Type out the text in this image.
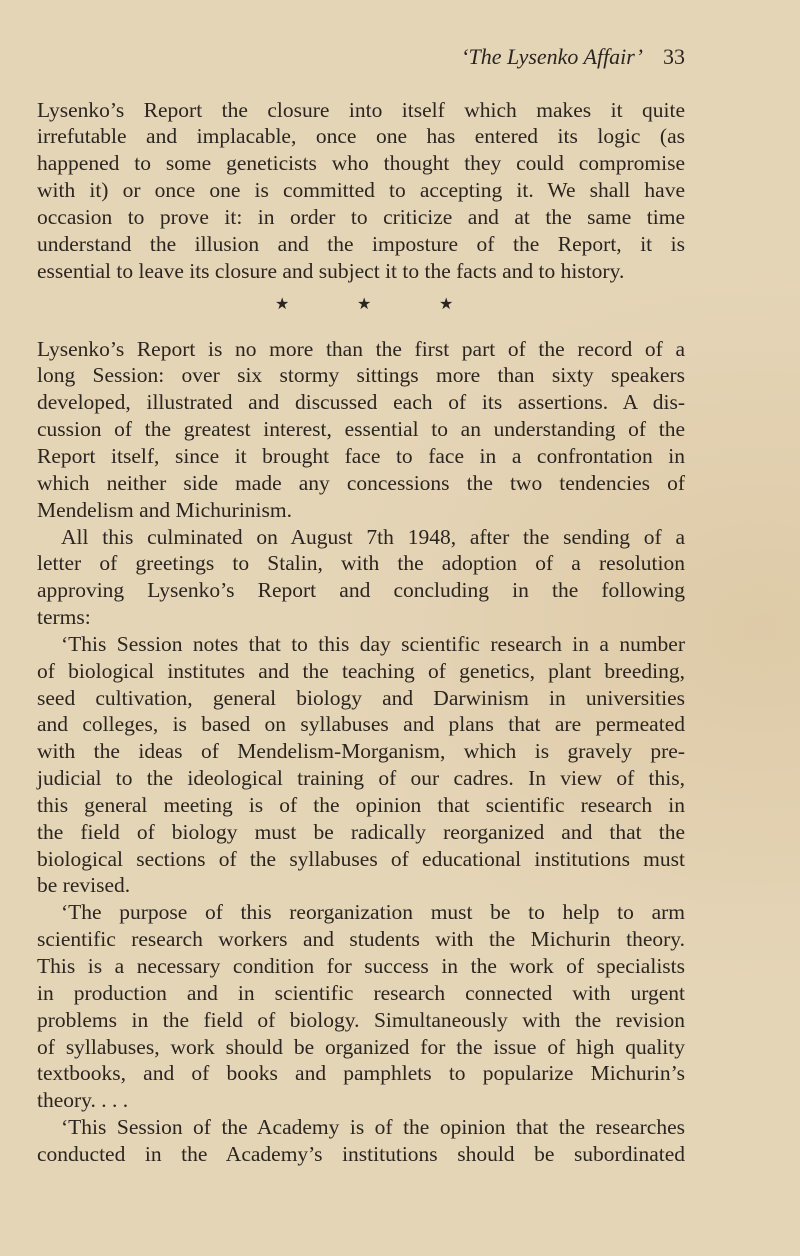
‘The Lysenko Affair’ 33
Lysenko’s Report the closure into itself which makes it quite
irrefutable and implacable, once one has entered its logic (as
happened to some geneticists who thought they could compromise
with it) or once one is committed to accepting it. We shall have
occasion to prove it: in order to criticize and at the same time
understand the illusion and the imposture of the Report, it is
essential to leave its closure and subject it to the facts and to history.
★	★	★
Lysenko’s Report is no more than the first part of the record of a
long Session: over six stormy sittings more than sixty speakers
developed, illustrated and discussed each of its assertions. A dis-
cussion of the greatest interest, essential to an understanding of the
Report itself, since it brought face to face in a confrontation in
which neither side made any concessions the two tendencies of
Mendelism and Michurinism.
All this culminated on August 7th 1948, after the sending of a
letter of greetings to Stalin, with the adoption of a resolution
approving Lysenko’s Report and concluding in the following
terms:
‘This Session notes that to this day scientific research in a number
of biological institutes and the teaching of genetics, plant breeding,
seed cultivation, general biology and Darwinism in universities
and colleges, is based on syllabuses and plans that are permeated
with the ideas of Mendelism-Morganism, which is gravely pre-
judicial to the ideological training of our cadres. In view of this,
this general meeting is of the opinion that scientific research in
the field of biology must be radically reorganized and that the
biological sections of the syllabuses of educational institutions must
be revised.
‘The purpose of this reorganization must be to help to arm
scientific research workers and students with the Michurin theory.
This is a necessary condition for success in the work of specialists
in production and in scientific research connected with urgent
problems in the field of biology. Simultaneously with the revision
of syllabuses, work should be organized for the issue of high quality
textbooks, and of books and pamphlets to popularize Michurin’s
theory. . . .
‘This Session of the Academy is of the opinion that the researches
conducted in the Academy’s institutions should be subordinated
